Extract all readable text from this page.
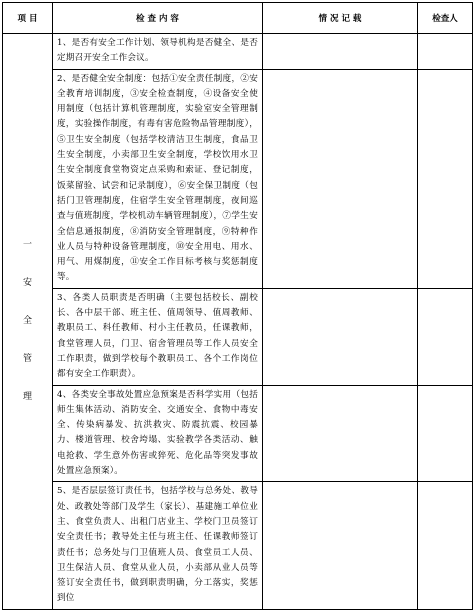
项 目	检 查 内 容	情 况 记 载	检查人

一
安
全
管
理	1、是否有安全工作计划、领导机构是否健全、是否定期召开安全工作会议。		
	2、是否健全安全制度：包括①安全责任制度，②安全教育培训制度，③安全检查制度，④设备安全使用制度（包括计算机管理制度，实验室安全管理制度，实验操作制度，有毒有害危险物品管理制度），⑤卫生安全制度（包括学校清洁卫生制度，食品卫生安全制度，小卖部卫生安全制度，学校饮用水卫生安全制度食堂物资定点采购和索证、登记制度，饭菜留验、试尝和记录制度），⑥安全保卫制度（包括门卫管理制度，住宿学生安全管理制度，夜间巡查与值班制度，学校机动车辆管理制度），⑦学生安全信息通报制度，⑧消防安全管理制度，⑨特种作业人员与特种设备管理制度，⑩安全用电、用水、用气、用煤制度，⑪安全工作目标考核与奖惩制度等。		
	3、各类人员职责是否明确（主要包括校长、副校长、各中层干部、班主任、值周领导、值周教师、教职员工、科任教师、村小主任教员，任课教师，食堂管理人员，门卫、宿舍管理员等工作人员安全工作职责，做到学校每个教职员工、各个工作岗位都有安全工作职责）。		
	4、各类安全事故处置应急预案是否科学实用（包括师生集体活动、消防安全、交通安全、食物中毒安全、传染病暴发、抗洪救灾、防震抗震、校园暴力、楼道管理、校舍垮塌、实验教学各类活动、触电抢救、学生意外伤害或猝死、危化品等突发事故处置应急预案）。		
	5、是否层层签订责任书，包括学校与总务处、教导处、政教处等部门及学生（家长）、基建施工单位业主、食堂负责人、出租门店业主、学校门卫员签订安全责任书；教导处主任与班主任、任课教师签订责任书；总务处与门卫值班人员、食堂员工人员、卫生保洁人员、食堂从业人员，小卖部从业人员等签订安全责任书，做到职责明确，分工落实，奖惩到位		
